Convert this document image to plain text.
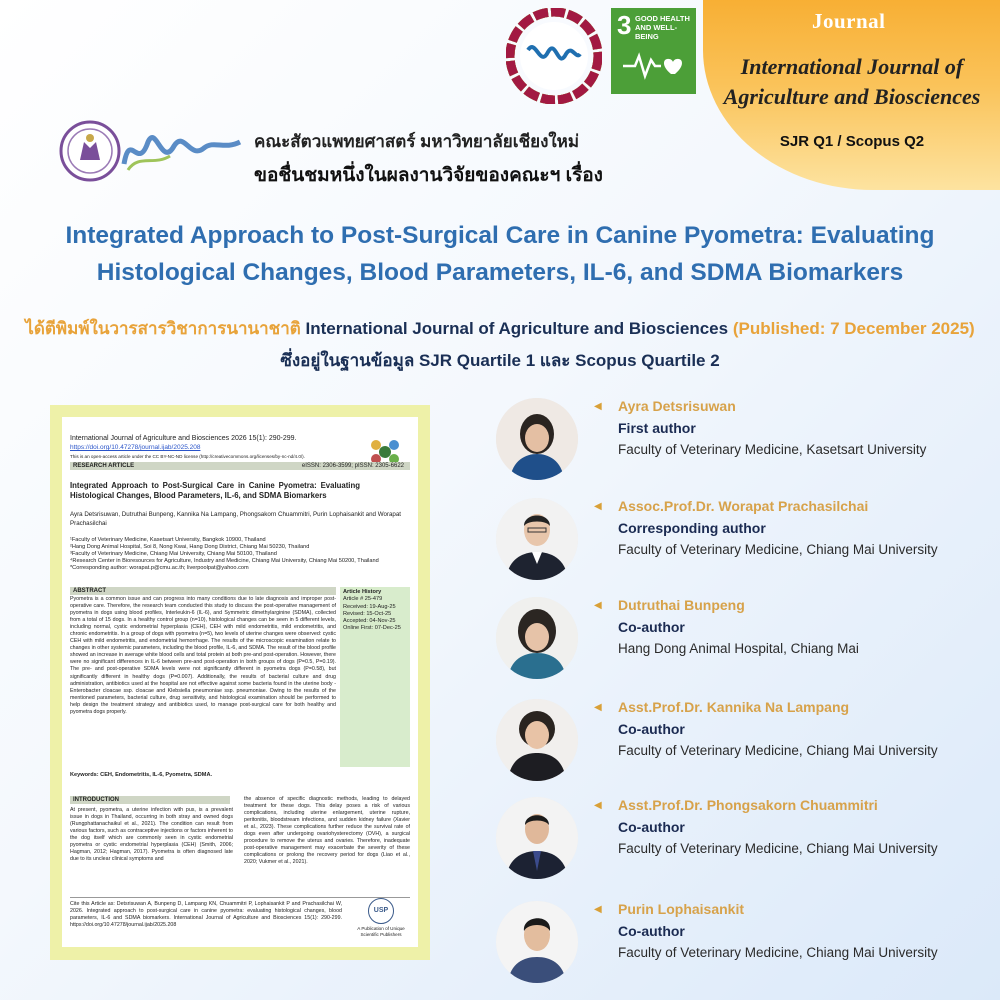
3 GOOD HEALTH AND WELL-BEING
Journal
International Journal of Agriculture and Biosciences
SJR Q1 / Scopus Q2
คณะสัตวแพทยศาสตร์ มหาวิทยาลัยเชียงใหม่
ขอชื่นชมหนึ่งในผลงานวิจัยของคณะฯ เรื่อง
Integrated Approach to Post-Surgical Care in Canine Pyometra: Evaluating Histological Changes, Blood Parameters, IL-6, and SDMA Biomarkers
ได้ตีพิมพ์ในวารสารวิชาการนานาชาติ International Journal of Agriculture and Biosciences (Published: 7 December 2025)
ซึ่งอยู่ในฐานข้อมูล SJR Quartile 1 และ Scopus Quartile 2
International Journal of Agriculture and Biosciences 2026 15(1): 290-299.
https://doi.org/10.47278/journal.ijab/2025.208
This is an open-access article under the CC BY-NC-ND license (http://creativecommons.org/licenses/by-nc-nd/4.0/).
RESEARCH ARTICLE	eISSN: 2306-3599; pISSN: 2305-6622
Integrated Approach to Post-Surgical Care in Canine Pyometra: Evaluating Histological Changes, Blood Parameters, IL-6, and SDMA Biomarkers
Ayra Detsrisuwan, Dutruthai Bunpeng, Kannika Na Lampang, Phongsakorn Chuammitri, Purin Lophaisankit and Worapat Prachasilchai
¹Faculty of Veterinary Medicine, Kasetsart University, Bangkok 10900, Thailand
²Hang Dong Animal Hospital, Soi 8, Nong Kwai, Hang Dong District, Chiang Mai 50230, Thailand
³Faculty of Veterinary Medicine, Chiang Mai University, Chiang Mai 50100, Thailand
⁴Research Center in Bioresources for Agriculture, Industry and Medicine, Chiang Mai University, Chiang Mai 50200, Thailand
*Corresponding author: worapat.p@cmu.ac.th; liverpoolpat@yahoo.com
ABSTRACT
Pyometra is a common issue and can progress into many conditions due to late diagnosis and improper post-operative care. Therefore, the research team conducted this study to discuss the post-operative management of pyometra in dogs using blood profiles, Interleukin-6 (IL-6), and Symmetric dimethylarginine (SDMA), collected from a total of 15 dogs. In a healthy control group (n=10), histological changes can be seen in 5 different levels, including normal, cystic endometrial hyperplasia (CEH), CEH with mild endometritis, mild endometritis, and chronic endometritis. In a group of dogs with pyometra (n=5), two levels of uterine changes were observed: cystic CEH with mild endometritis, and endometrial hemorrhage. The results of the microscopic examination relate to changes in other systemic parameters, including the blood profile, IL-6, and SDMA. The result of the blood profile showed an increase in average white blood cells and total protein at both pre-and post-operation. However, there were no significant differences in IL-6 between pre-and post-operation in both groups of dogs (P=0.5, P=0.19). The pre- and post-operative SDMA levels were not significantly different in pyometra dogs (P=0.58), but significantly different in healthy dogs (P=0.007). Additionally, the results of bacterial culture and drug administration, antibiotics used at the hospital are not effective against some bacteria found in the uterine body - Enterobacter cloacae ssp. cloacae and Klebsiella pneumoniae ssp. pneumoniae. Owing to the results of the mentioned parameters, bacterial culture, drug sensitivity, and histological examination should be performed to help design the treatment strategy and antibiotics used, to manage post-surgical care for both healthy and pyometra dogs properly.
Keywords: CEH, Endometritis, IL-6, Pyometra, SDMA.
Article History
Article # 25-479
Received: 19-Aug-25
Revised: 15-Oct-25
Accepted: 04-Nov-25
Online First: 07-Dec-25
INTRODUCTION
At present, pyometra, a uterine infection with pus, is a prevalent issue in dogs in Thailand, occurring in both stray and owned dogs (Rungphattanachaikul et al., 2021). The condition can result from various factors, such as contraceptive injections or factors inherent to the dog itself which are commonly seen in cystic endometrial pyometra or cystic endometrial hyperplasia (CEH) (Smith, 2006; Hagman, 2012; Hagman, 2017). Pyometra is often diagnosed late due to its unclear clinical symptoms and
the absence of specific diagnostic methods, leading to delayed treatment for these dogs. This delay poses a risk of various complications, including uterine enlargement, uterine rupture, peritonitis, bloodstream infections, and sudden kidney failure (Xavier et al., 2023). These complications further reduce the survival rate of dogs even after undergoing ovariohysterectomy (OVH), a surgical procedure to remove the uterus and ovaries. Therefore, inadequate post-operative management may exacerbate the severity of these complications or prolong the recovery period for dogs (Liao et al., 2020; Vukmer et al., 2021).
Cite this Article as: Detsrisuwan A, Bunpeng D, Lampang KN, Chuammitri P, Lophaisankit P and Prachasilchai W, 2026. Integrated approach to post-surgical care in canine pyometra: evaluating histological changes, blood parameters, IL-6 and SDMA biomarkers. International Journal of Agriculture and Biosciences 15(1): 290-299. https://doi.org/10.47278/journal.ijab/2025.208
USP
A Publication of Unique Scientific Publishers
◀ Ayra Detsrisuwan
First author
Faculty of Veterinary Medicine, Kasetsart University
◀ Assoc.Prof.Dr. Worapat Prachasilchai
Corresponding author
Faculty of Veterinary Medicine, Chiang Mai University
◀ Dutruthai Bunpeng
Co-author
Hang Dong Animal Hospital, Chiang Mai
◀ Asst.Prof.Dr. Kannika Na Lampang
Co-author
Faculty of Veterinary Medicine, Chiang Mai University
◀ Asst.Prof.Dr. Phongsakorn Chuammitri
Co-author
Faculty of Veterinary Medicine, Chiang Mai University
◀ Purin Lophaisankit
Co-author
Faculty of Veterinary Medicine, Chiang Mai University
